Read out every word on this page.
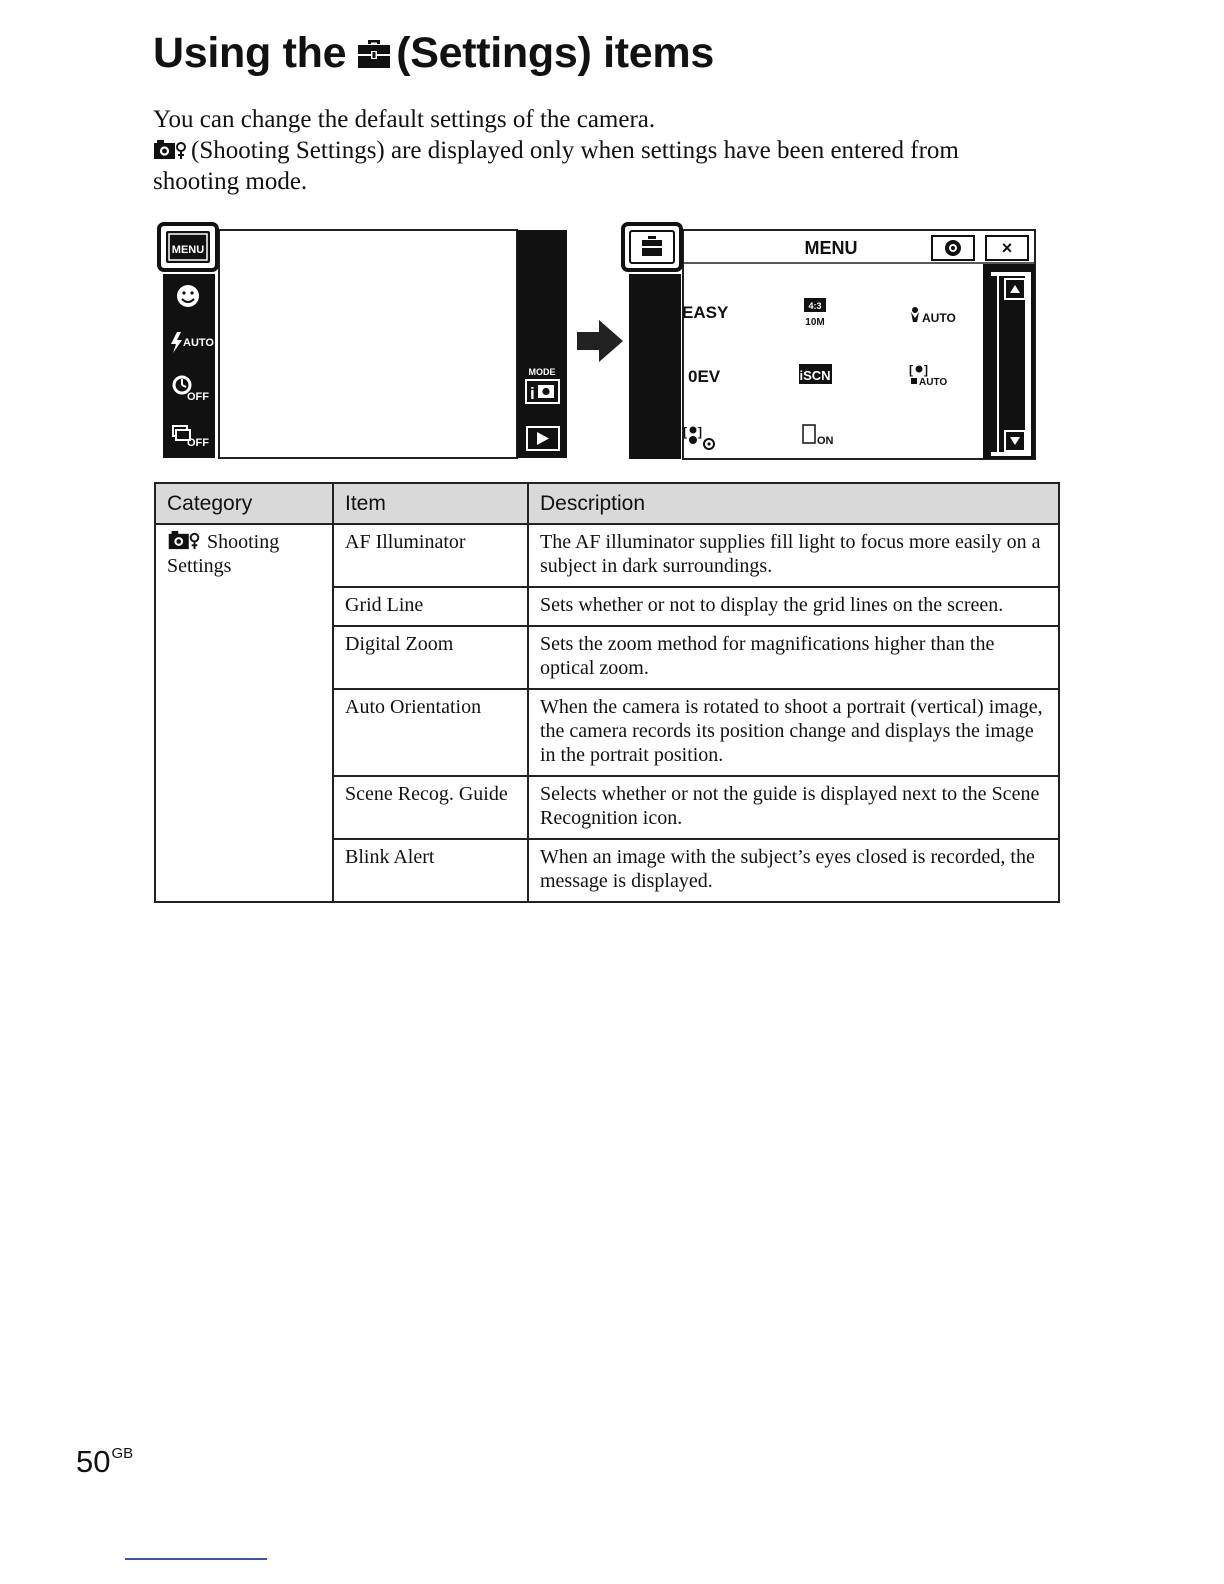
Using the (Settings) items

You can change the default settings of the camera.

(Shooting Settings) are displayed only when settings have been entered from shooting mode.

MENU
AUTO
OFF
OFF
MODE
i
MENU	×
EASY	4:3
10M	AUTO
0EV	iSCN	[ ]
AUTO
[ ]
ON
Category	Item	Description
Shooting
Settings	AF Illuminator	The AF illuminator supplies fill light to focus more easily on a subject in dark surroundings.
	Grid Line	Sets whether or not to display the grid lines on the screen.
	Digital Zoom	Sets the zoom method for magnifications higher than the optical zoom.
	Auto Orientation	When the camera is rotated to shoot a portrait (vertical) image, the camera records its position change and displays the image in the portrait position.
	Scene Recog. Guide	Selects whether or not the guide is displayed next to the Scene Recognition icon.
	Blink Alert	When an image with the subject’s eyes closed is recorded, the message is displayed.
$50^{GB}$
